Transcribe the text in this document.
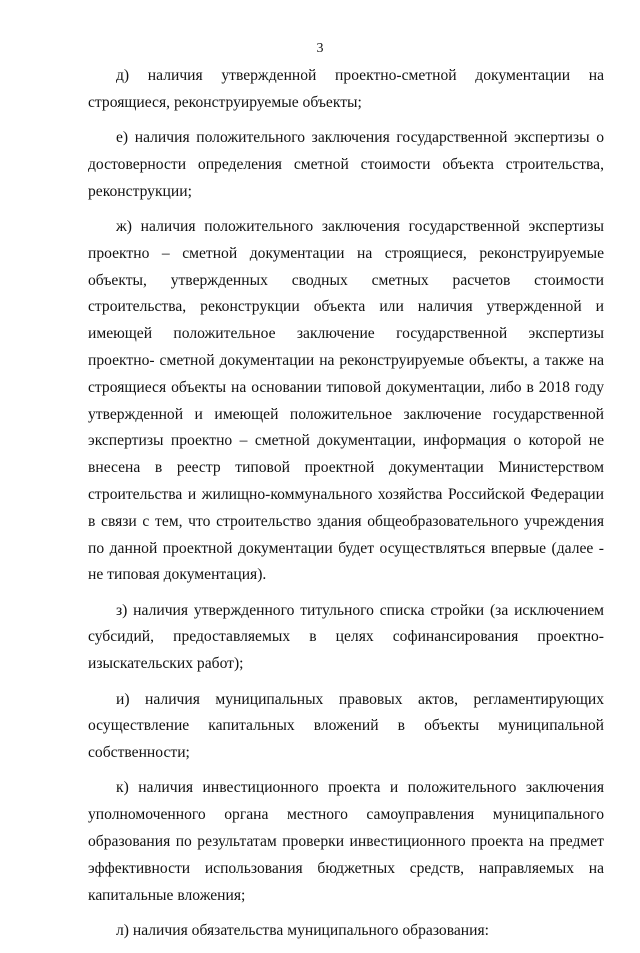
3

д) наличия утвержденной проектно-сметной документации на строящиеся, реконструируемые объекты;

е) наличия положительного заключения государственной экспертизы о достоверности определения сметной стоимости объекта строительства, реконструкции;

ж) наличия положительного заключения государственной экспертизы проектно – сметной документации на строящиеся, реконструируемые объекты, утвержденных сводных сметных расчетов стоимости строительства, реконструкции объекта или наличия утвержденной и имеющей положительное заключение государственной экспертизы проектно- сметной документации на реконструируемые объекты, а также на строящиеся объекты на основании типовой документации, либо в 2018 году утвержденной и имеющей положительное заключение государственной экспертизы проектно – сметной документации, информация о которой не внесена в реестр типовой проектной документации Министерством строительства и жилищно-коммунального хозяйства Российской Федерации в связи с тем, что строительство здания общеобразовательного учреждения по данной проектной документации будет осуществляться впервые (далее - не типовая документация).

з) наличия утвержденного титульного списка стройки (за исключением субсидий, предоставляемых в целях софинансирования проектно-изыскательских работ);

и) наличия муниципальных правовых актов, регламентирующих осуществление капитальных вложений в объекты муниципальной собственности;

к) наличия инвестиционного проекта и положительного заключения уполномоченного органа местного самоуправления муниципального образования по результатам проверки инвестиционного проекта на предмет эффективности использования бюджетных средств, направляемых на капитальные вложения;

л) наличия обязательства муниципального образования:
